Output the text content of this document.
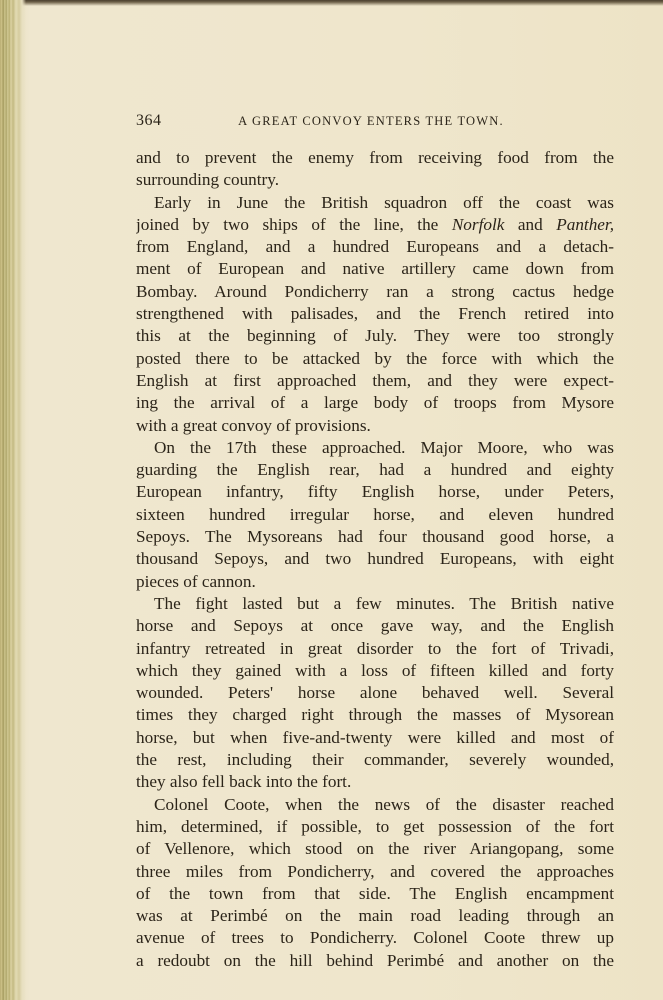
364	A GREAT CONVOY ENTERS THE TOWN.
and to prevent the enemy from receiving food from the
surrounding country.
Early in June the British squadron off the coast was
joined by two ships of the line, the Norfolk and Panther,
from England, and a hundred Europeans and a detach-
ment of European and native artillery came down from
Bombay. Around Pondicherry ran a strong cactus hedge
strengthened with palisades, and the French retired into
this at the beginning of July. They were too strongly
posted there to be attacked by the force with which the
English at first approached them, and they were expect-
ing the arrival of a large body of troops from Mysore
with a great convoy of provisions.
On the 17th these approached. Major Moore, who was
guarding the English rear, had a hundred and eighty
European infantry, fifty English horse, under Peters,
sixteen hundred irregular horse, and eleven hundred
Sepoys. The Mysoreans had four thousand good horse, a
thousand Sepoys, and two hundred Europeans, with eight
pieces of cannon.
The fight lasted but a few minutes. The British native
horse and Sepoys at once gave way, and the English
infantry retreated in great disorder to the fort of Trivadi,
which they gained with a loss of fifteen killed and forty
wounded. Peters' horse alone behaved well. Several
times they charged right through the masses of Mysorean
horse, but when five-and-twenty were killed and most of
the rest, including their commander, severely wounded,
they also fell back into the fort.
Colonel Coote, when the news of the disaster reached
him, determined, if possible, to get possession of the fort
of Vellenore, which stood on the river Ariangopang, some
three miles from Pondicherry, and covered the approaches
of the town from that side. The English encampment
was at Perimbé on the main road leading through an
avenue of trees to Pondicherry. Colonel Coote threw up
a redoubt on the hill behind Perimbé and another on the
